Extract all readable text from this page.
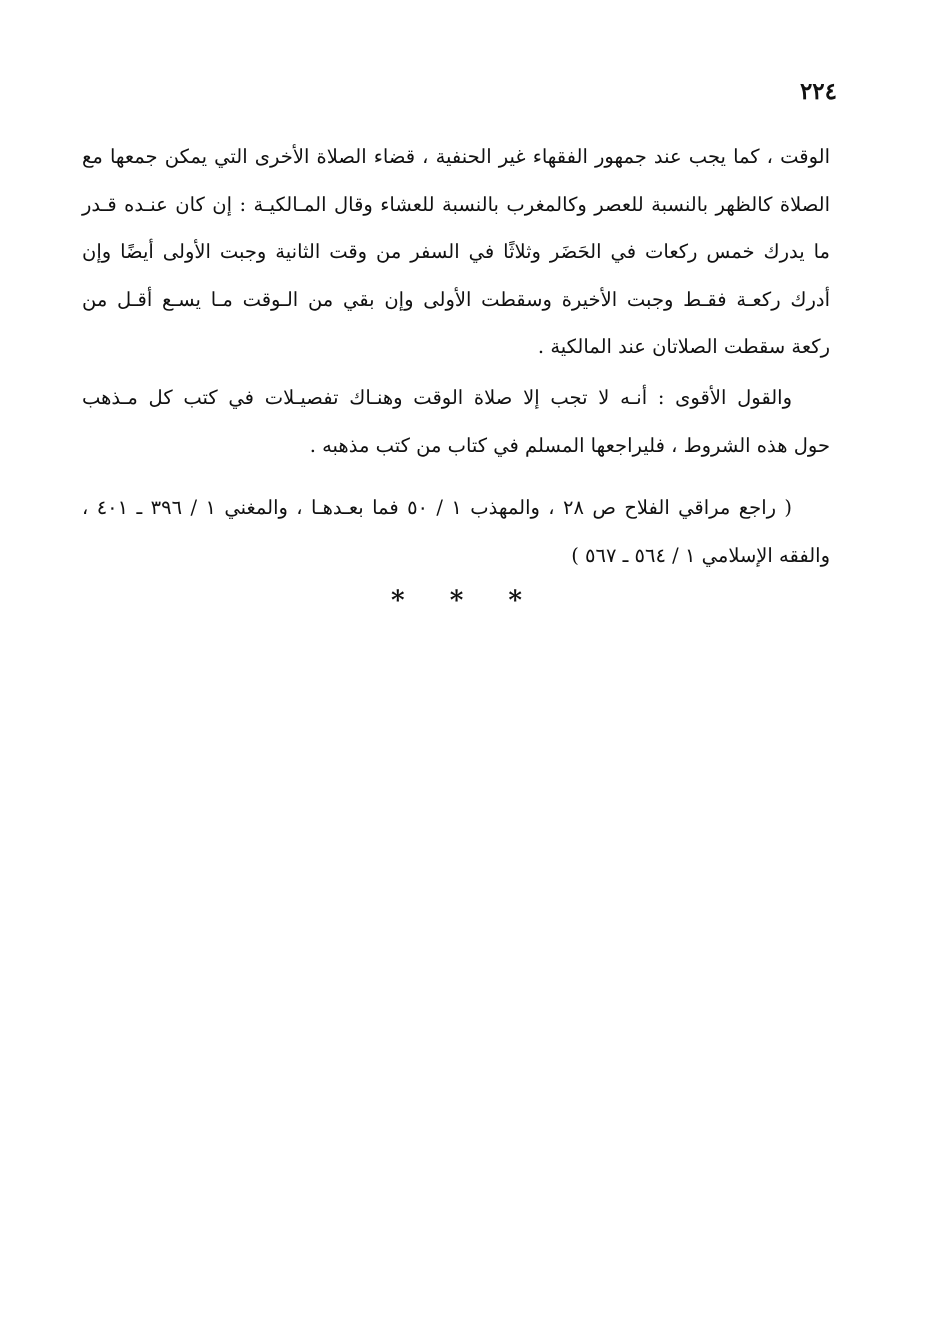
٢٢٤
الوقت ، كما يجب عند جمهور الفقهاء غير الحنفية ، قضاء الصلاة الأخرى التي يمكن جمعها مع
الصلاة كالظهر بالنسبة للعصر وكالمغرب بالنسبة للعشاء وقال المـالكيـة : إن كان عنـده قـدر
ما يدرك خمس ركعات في الحَضَر وثلاثًا في السفر من وقت الثانية وجبت الأولى أيضًا وإن
أدرك ركعـة فقـط وجبت الأخيرة وسقطت الأولى وإن بقي من الـوقت مـا يسـع أقـل من
ركعة سقطت الصلاتان عند المالكية .
والقول الأقوى : أنـه لا تجب إلا صلاة الوقت وهنـاك تفصيـلات في كتب كل مـذهب
حول هذه الشروط ، فليراجعها المسلم في كتاب من كتب مذهبه .
( راجع مراقي الفلاح ص ٢٨ ، والمهذب ١ / ٥٠ فما بعـدهـا ، والمغني ١ / ٣٩٦ ـ ٤٠١ ،
والفقه الإسلامي ١ / ٥٦٤ ـ ٥٦٧ )
* * *
